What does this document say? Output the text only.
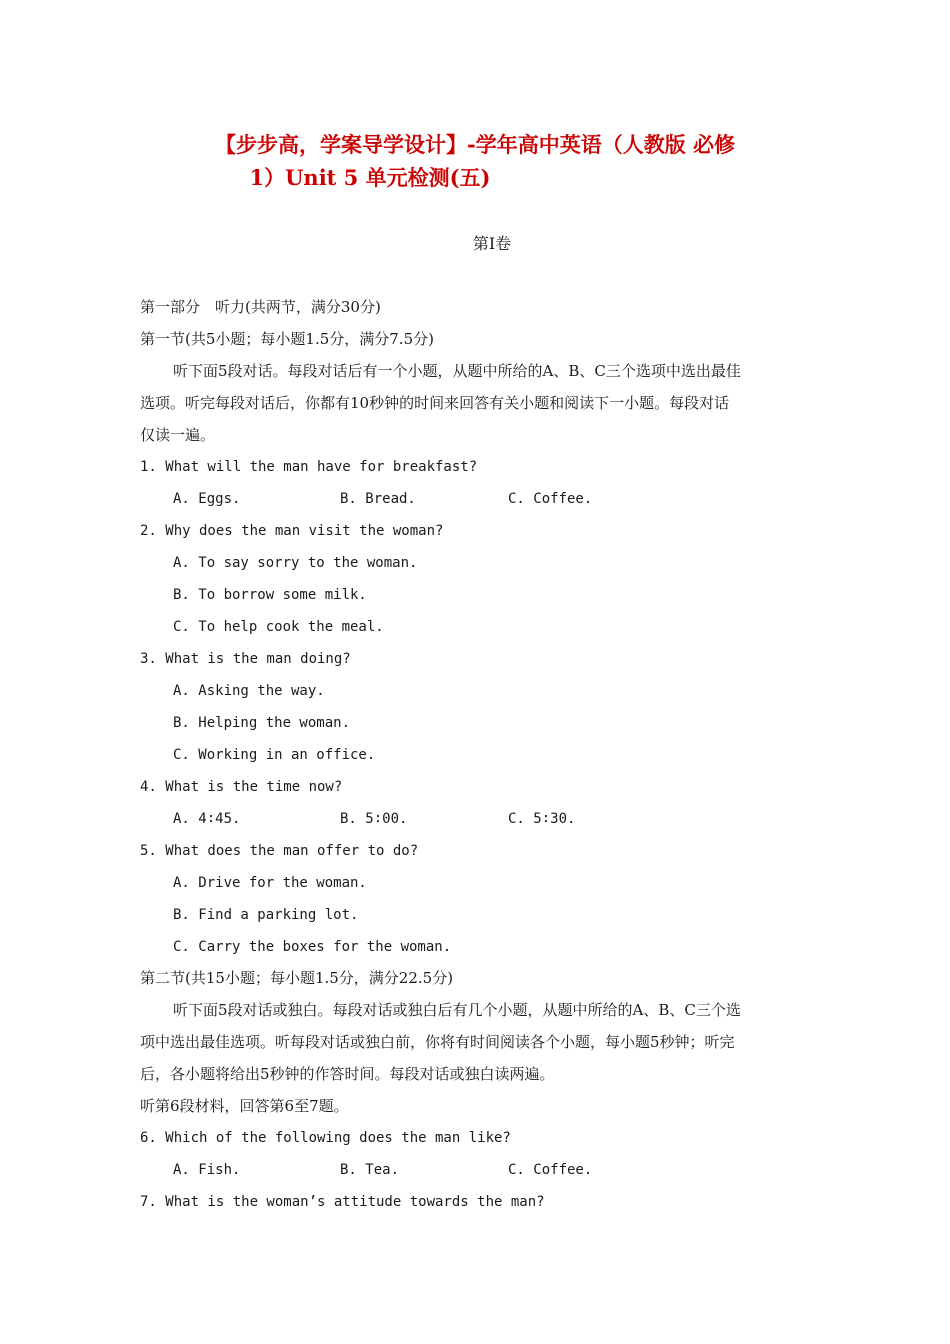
【步步高，学案导学设计】-学年高中英语（人教版 必修
1）Unit 5 单元检测(五)
第Ⅰ卷
第一部分　听力(共两节，满分30分)
第一节(共5小题；每小题1.5分，满分7.5分)
听下面5段对话。每段对话后有一个小题，从题中所给的A、B、C三个选项中选出最佳
选项。听完每段对话后，你都有10秒钟的时间来回答有关小题和阅读下一小题。每段对话
仅读一遍。
1. What will the man have for breakfast?
A. Eggs.	B. Bread.	C. Coffee.
2. Why does the man visit the woman?
A. To say sorry to the woman.
B. To borrow some milk.
C. To help cook the meal.
3. What is the man doing?
A. Asking the way.
B. Helping the woman.
C. Working in an office.
4. What is the time now?
A. 4∶45.	B. 5∶00.	C. 5∶30.
5. What does the man offer to do?
A. Drive for the woman.
B. Find a parking lot.
C. Carry the boxes for the woman.
第二节(共15小题；每小题1.5分，满分22.5分)
听下面5段对话或独白。每段对话或独白后有几个小题，从题中所给的A、B、C三个选
项中选出最佳选项。听每段对话或独白前，你将有时间阅读各个小题，每小题5秒钟；听完
后，各小题将给出5秒钟的作答时间。每段对话或独白读两遍。
听第6段材料，回答第6至7题。
6. Which of the following does the man like?
A. Fish.	B. Tea.	C. Coffee.
7. What is the woman’s attitude towards the man?
